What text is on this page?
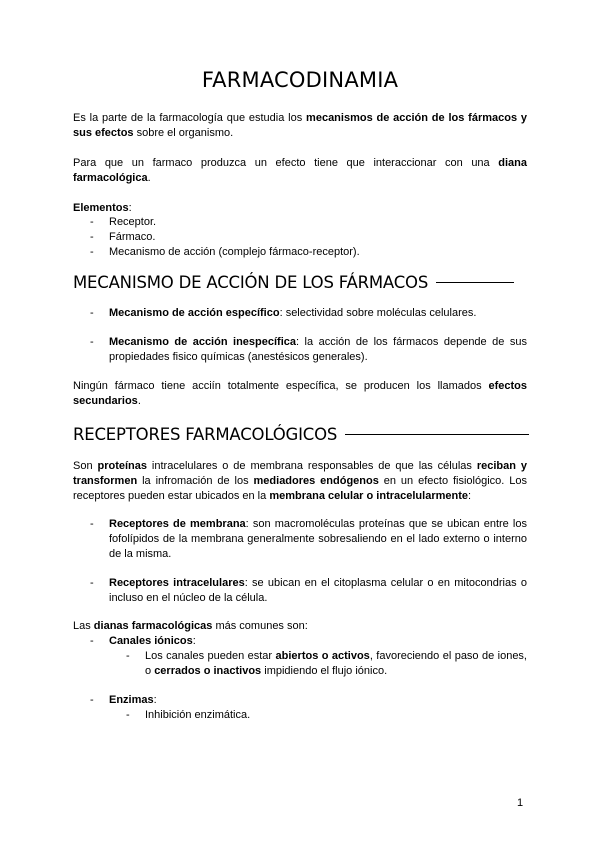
FARMACODINAMIA

Es la parte de la farmacología que estudia los mecanismos de acción de los fármacos y sus efectos sobre el organismo.

Para que un farmaco produzca un efecto tiene que interaccionar con una diana farmacológica.

Elementos:

- Receptor.
- Fármaco.
- Mecanismo de acción (complejo fármaco-receptor).
MECANISMO DE ACCIÓN DE LOS FÁRMACOS
- Mecanismo de acción específico: selectividad sobre moléculas celulares.
- Mecanismo de acción inespecífica: la acción de los fármacos depende de sus propiedades fisico químicas (anestésicos generales).

Ningún fármaco tiene acciín totalmente específica, se producen los llamados efectos secundarios.

RECEPTORES FARMACOLÓGICOS

Son proteínas intracelulares o de membrana responsables de que las células reciban y transformen la infromación de los mediadores endógenos en un efecto fisiológico. Los receptores pueden estar ubicados en la membrana celular o intracelularmente:

- Receptores de membrana: son macromoléculas proteínas que se ubican entre los fofolípidos de la membrana generalmente sobresaliendo en el lado externo o interno de la misma.
- Receptores intracelulares: se ubican en el citoplasma celular o en mitocondrias o incluso en el núcleo de la célula.

Las dianas farmacológicas más comunes son:

- Canales iónicos:
- Los canales pueden estar abiertos o activos, favoreciendo el paso de iones, o cerrados o inactivos impidiendo el flujo iónico.
- Enzimas:
- Inhibición enzimática.
1
